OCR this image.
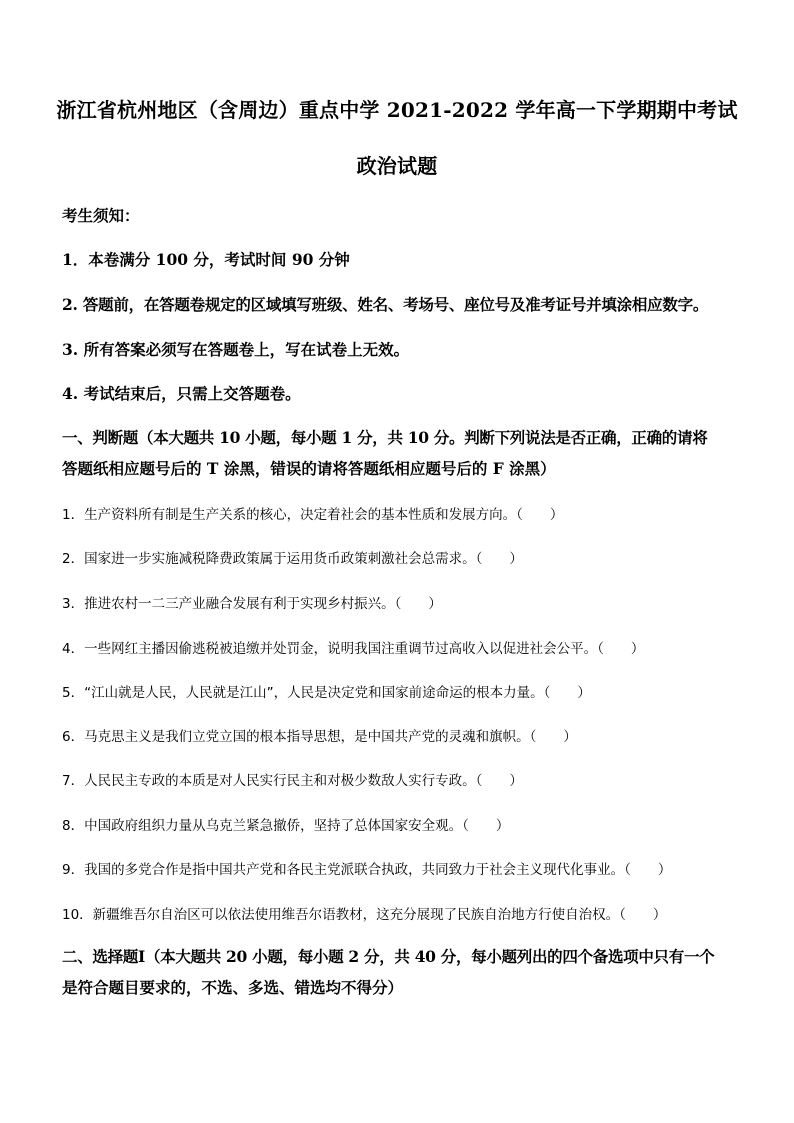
浙江省杭州地区（含周边）重点中学 2021-2022 学年高一下学期期中考试
政治试题
考生须知：
1．本卷满分 100 分，考试时间 90 分钟
2. 答题前，在答题卷规定的区域填写班级、姓名、考场号、座位号及准考证号并填涂相应数字。
3. 所有答案必须写在答题卷上，写在试卷上无效。
4. 考试结束后，只需上交答题卷。
一、判断题（本大题共 10 小题，每小题 1 分，共 10 分。判断下列说法是否正确，正确的请将
答题纸相应题号后的 T 涂黑，错误的请将答题纸相应题号后的 F 涂黑）
1．生产资料所有制是生产关系的核心，决定着社会的基本性质和发展方向。（　　）
2．国家进一步实施减税降费政策属于运用货币政策刺激社会总需求。（　　）
3．推进农村一二三产业融合发展有利于实现乡村振兴。（　　）
4．一些网红主播因偷逃税被追缴并处罚金，说明我国注重调节过高收入以促进社会公平。（　　）
5．“江山就是人民，人民就是江山”，人民是决定党和国家前途命运的根本力量。（　　）
6．马克思主义是我们立党立国的根本指导思想，是中国共产党的灵魂和旗帜。（　　）
7．人民民主专政的本质是对人民实行民主和对极少数敌人实行专政。（　　）
8．中国政府组织力量从乌克兰紧急撤侨，坚持了总体国家安全观。（　　）
9．我国的多党合作是指中国共产党和各民主党派联合执政，共同致力于社会主义现代化事业。（　　）
10．新疆维吾尔自治区可以依法使用维吾尔语教材，这充分展现了民族自治地方行使自治权。（　　）
二、选择题Ⅰ（本大题共 20 小题，每小题 2 分，共 40 分，每小题列出的四个备选项中只有一个
是符合题目要求的，不选、多选、错选均不得分）
